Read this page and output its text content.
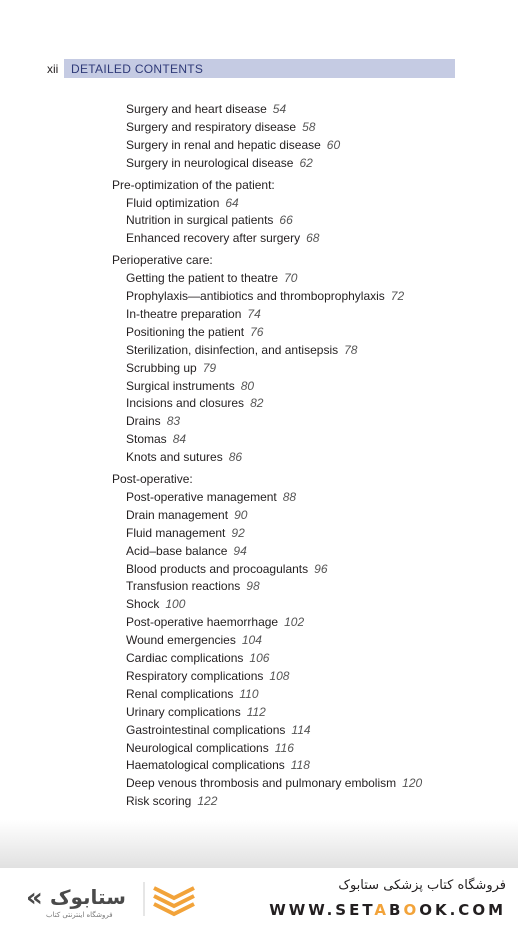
xii DETAILED CONTENTS
Surgery and heart disease 54
Surgery and respiratory disease 58
Surgery in renal and hepatic disease 60
Surgery in neurological disease 62
Pre-optimization of the patient:
Fluid optimization 64
Nutrition in surgical patients 66
Enhanced recovery after surgery 68
Perioperative care:
Getting the patient to theatre 70
Prophylaxis—antibiotics and thromboprophylaxis 72
In-theatre preparation 74
Positioning the patient 76
Sterilization, disinfection, and antisepsis 78
Scrubbing up 79
Surgical instruments 80
Incisions and closures 82
Drains 83
Stomas 84
Knots and sutures 86
Post-operative:
Post-operative management 88
Drain management 90
Fluid management 92
Acid–base balance 94
Blood products and procoagulants 96
Transfusion reactions 98
Shock 100
Post-operative haemorrhage 102
Wound emergencies 104
Cardiac complications 106
Respiratory complications 108
Renal complications 110
Urinary complications 112
Gastrointestinal complications 114
Neurological complications 116
Haematological complications 118
Deep venous thrombosis and pulmonary embolism 120
Risk scoring 122
« ستابوک
فروشگاه اینترنتی کتاب
فروشگاه کتاب پزشکی ستابوک
WWW.SETABOOK.COM
